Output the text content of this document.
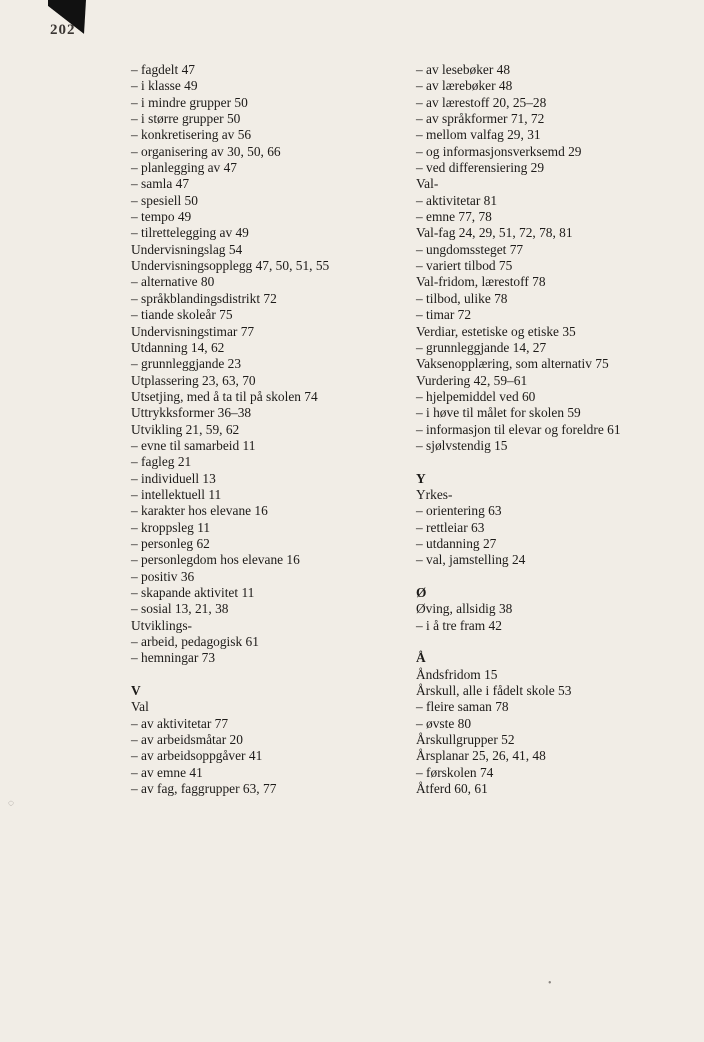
202

– fagdelt 47
– i klasse 49
– i mindre grupper 50
– i større grupper 50
– konkretisering av 56
– organisering av 30, 50, 66
– planlegging av 47
– samla 47
– spesiell 50
– tempo 49
– tilrettelegging av 49
Undervisningslag 54
Undervisningsopplegg 47, 50, 51, 55
– alternative 80
– språkblandingsdistrikt 72
– tiande skoleår 75
Undervisningstimar 77
Utdanning 14, 62
– grunnleggjande 23
Utplassering 23, 63, 70
Utsetjing, med å ta til på skolen 74
Uttrykksformer 36–38
Utvikling 21, 59, 62
– evne til samarbeid 11
– fagleg 21
– individuell 13
– intellektuell 11
– karakter hos elevane 16
– kroppsleg 11
– personleg 62
– personlegdom hos elevane 16
– positiv 36
– skapande aktivitet 11
– sosial 13, 21, 38
Utviklings-
– arbeid, pedagogisk 61
– hemningar 73
V
Val
– av aktivitetar 77
– av arbeidsmåtar 20
– av arbeidsoppgåver 41
– av emne 41
– av fag, faggrupper 63, 77
– av lesebøker 48
– av lærebøker 48
– av lærestoff 20, 25–28
– av språkformer 71, 72
– mellom valfag 29, 31
– og informasjonsverksemd 29
– ved differensiering 29
Val-
– aktivitetar 81
– emne 77, 78
Val-fag 24, 29, 51, 72, 78, 81
– ungdomssteget 77
– variert tilbod 75
Val-fridom, lærestoff 78
– tilbod, ulike 78
– timar 72
Verdiar, estetiske og etiske 35
– grunnleggjande 14, 27
Vaksenopplæring, som alternativ 75
Vurdering 42, 59–61
– hjelpemiddel ved 60
– i høve til målet for skolen 59
– informasjon til elevar og foreldre 61
– sjølvstendig 15
Y
Yrkes-
– orientering 63
– rettleiar 63
– utdanning 27
– val, jamstelling 24
Ø
Øving, allsidig 38
– i å tre fram 42
Å
Åndsfridom 15
Årskull, alle i fådelt skole 53
– fleire saman 78
– øvste 80
Årskullgrupper 52
Årsplanar 25, 26, 41, 48
– førskolen 74
Åtferd 60, 61
◌
•
